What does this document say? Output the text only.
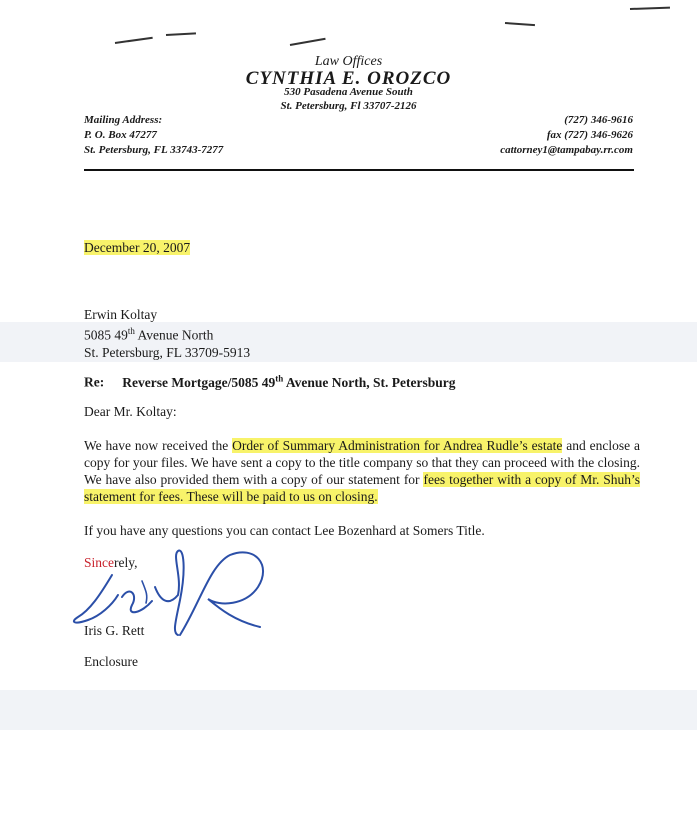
Law Offices
CYNTHIA E. OROZCO
530 Pasadena Avenue South
St. Petersburg, Fl 33707-2126
Mailing Address:
P. O. Box 47277
St. Petersburg, FL 33743-7277
(727) 346-9616
fax (727) 346-9626
cattorney1@tampabay.rr.com
December 20, 2007
Erwin Koltay
5085 49th Avenue North
St. Petersburg, FL 33709-5913
Re: Reverse Mortgage/5085 49th Avenue North, St. Petersburg
Dear Mr. Koltay:
We have now received the Order of Summary Administration for Andrea Rudle’s estate and enclose a copy for your files. We have sent a copy to the title company so that they can proceed with the closing. We have also provided them with a copy of our statement for fees together with a copy of Mr. Shuh’s statement for fees. These will be paid to us on closing.
If you have any questions you can contact Lee Bozenhard at Somers Title.
Sincerely,
Iris G. Rett
Enclosure
